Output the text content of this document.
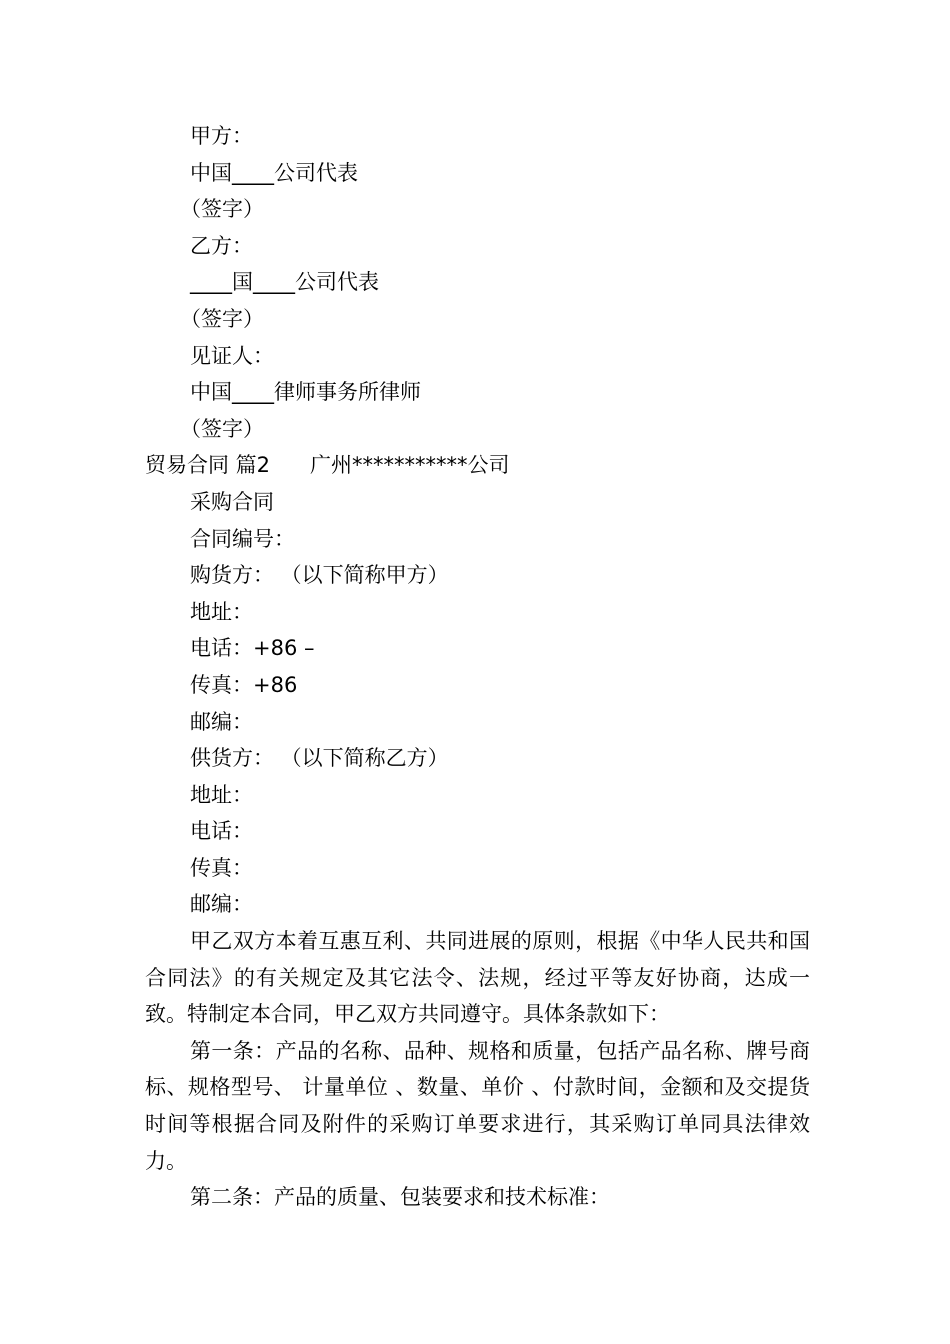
甲方：
中国____公司代表
（签字）
乙方：
____国____公司代表
（签字）
见证人：
中国____律师事务所律师
（签字）
贸易合同 篇2 广州***********公司
采购合同
合同编号：
购货方： （以下简称甲方）
地址：
电话：+86 –
传真：+86
邮编：
供货方： （以下简称乙方）
地址：
电话：
传真：
邮编：

甲乙双方本着互惠互利、共同进展的原则，根据《中华人民共和国合同法》的有关规定及其它法令、法规，经过平等友好协商，达成一致。特制定本合同，甲乙双方共同遵守。具体条款如下：

第一条：产品的名称、品种、规格和质量，包括产品名称、牌号商标、规格型号、 计量单位 、数量、单价 、付款时间，金额和及交提货时间等根据合同及附件的采购订单要求进行，其采购订单同具法律效力。

第二条：产品的质量、包装要求和技术标准：
